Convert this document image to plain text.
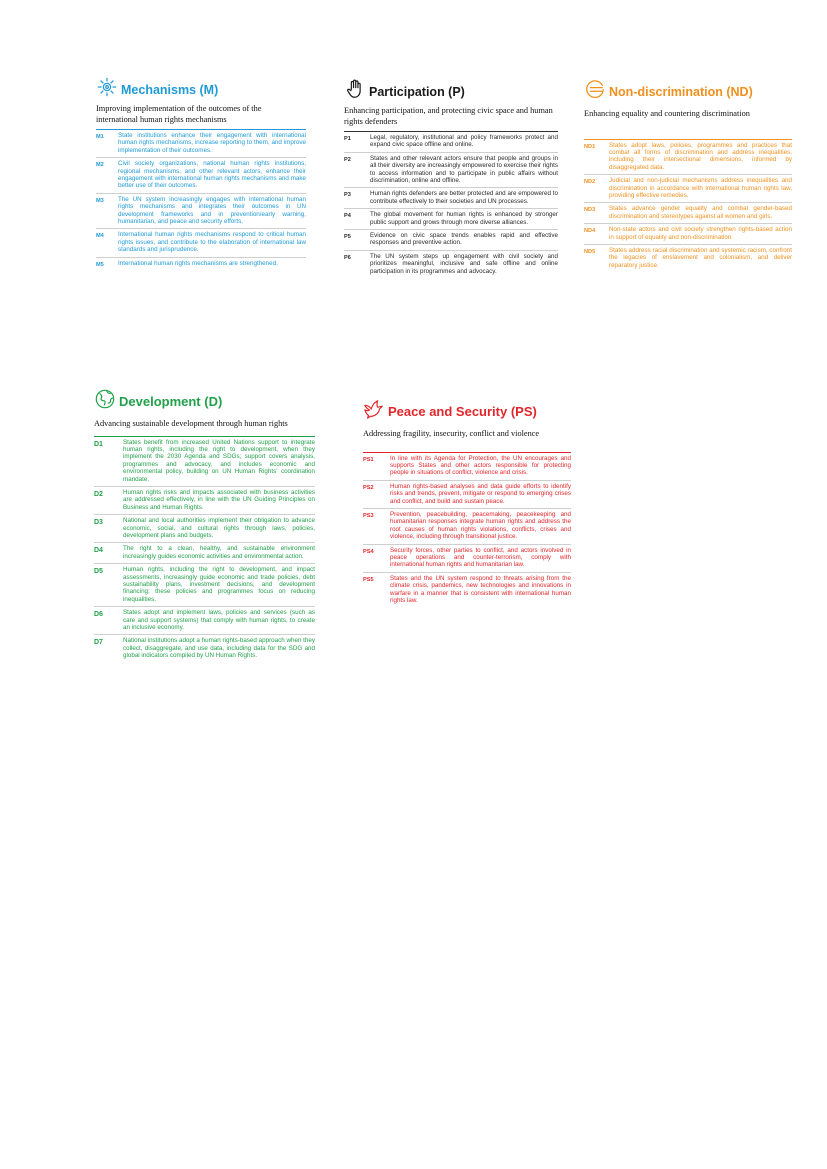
Mechanisms (M)
Improving implementation of the outcomes of the international human rights mechanisms
M1	State institutions enhance their engagement with international human rights mechanisms, increase reporting to them, and improve implementation of their outcomes.
M2	Civil society organizations, national human rights institutions, regional mechanisms, and other relevant actors, enhance their engagement with international human rights mechanisms and make better use of their outcomes.
M3	The UN system increasingly engages with international human rights mechanisms and integrates their outcomes in UN development frameworks and in prevention/early warning, humanitarian, and peace and security efforts.
M4	International human rights mechanisms respond to critical human rights issues, and contribute to the elaboration of international law standards and jurisprudence.
M5	International human rights mechanisms are strengthened.
Participation (P)
Enhancing participation, and protecting civic space and human rights defenders
P1	Legal, regulatory, institutional and policy frameworks protect and expand civic space offline and online.
P2	States and other relevant actors ensure that people and groups in all their diversity are increasingly empowered to exercise their rights to access information and to participate in public affairs without discrimination, online and offline.
P3	Human rights defenders are better protected and are empowered to contribute effectively to their societies and UN processes.
P4	The global movement for human rights is enhanced by stronger public support and grows through more diverse alliances.
P5	Evidence on civic space trends enables rapid and effective responses and preventive action.
P6	The UN system steps up engagement with civil society and prioritizes meaningful, inclusive and safe offline and online participation in its programmes and advocacy.
Non-discrimination (ND)
Enhancing equality and countering discrimination
ND1	States adopt laws, policies, programmes and practices that combat all forms of discrimination and address inequalities, including their intersectional dimensions, informed by disaggregated data.
ND2	Judicial and non-judicial mechanisms address inequalities and discrimination in accordance with international human rights law, providing effective remedies.
ND3	States advance gender equality and combat gender-based discrimination and stereotypes against all women and girls.
ND4	Non-state actors and civil society strengthen rights-based action in support of equality and non-discrimination.
ND5	States address racial discrimination and systemic racism, confront the legacies of enslavement and colonialism, and deliver reparatory justice.
Development (D)
Advancing sustainable development through human rights
D1	States benefit from increased United Nations support to integrate human rights, including the right to development, when they implement the 2030 Agenda and SDGs; support covers analysis, programmes and advocacy, and includes economic and environmental policy, building on UN Human Rights' coordination mandate.
D2	Human rights risks and impacts associated with business activities are addressed effectively, in line with the UN Guiding Principles on Business and Human Rights.
D3	National and local authorities implement their obligation to advance economic, social, and cultural rights through laws, policies, development plans and budgets.
D4	The right to a clean, healthy, and sustainable environment increasingly guides economic activities and environmental action.
D5	Human rights, including the right to development, and impact assessments, increasingly guide economic and trade policies, debt sustainability plans, investment decisions, and development financing; these policies and programmes focus on reducing inequalities.
D6	States adopt and implement laws, policies and services (such as care and support systems) that comply with human rights, to create an inclusive economy.
D7	National institutions adopt a human rights-based approach when they collect, disaggregate, and use data, including data for the SDG and global indicators compiled by UN Human Rights.
Peace and Security (PS)
Addressing fragility, insecurity, conflict and violence
PS1	In line with its Agenda for Protection, the UN encourages and supports States and other actors responsible for protecting people in situations of conflict, violence and crisis.
PS2	Human rights-based analyses and data guide efforts to identify risks and trends, prevent, mitigate or respond to emerging crises and conflict, and build and sustain peace.
PS3	Prevention, peacebuilding, peacemaking, peacekeeping and humanitarian responses integrate human rights and address the root causes of human rights violations, conflicts, crises and violence, including through transitional justice.
PS4	Security forces, other parties to conflict, and actors involved in peace operations and counter-terrorism, comply with international human rights and humanitarian law.
PS5	States and the UN system respond to threats arising from the climate crisis, pandemics, new technologies and innovations in warfare in a manner that is consistent with international human rights law.
